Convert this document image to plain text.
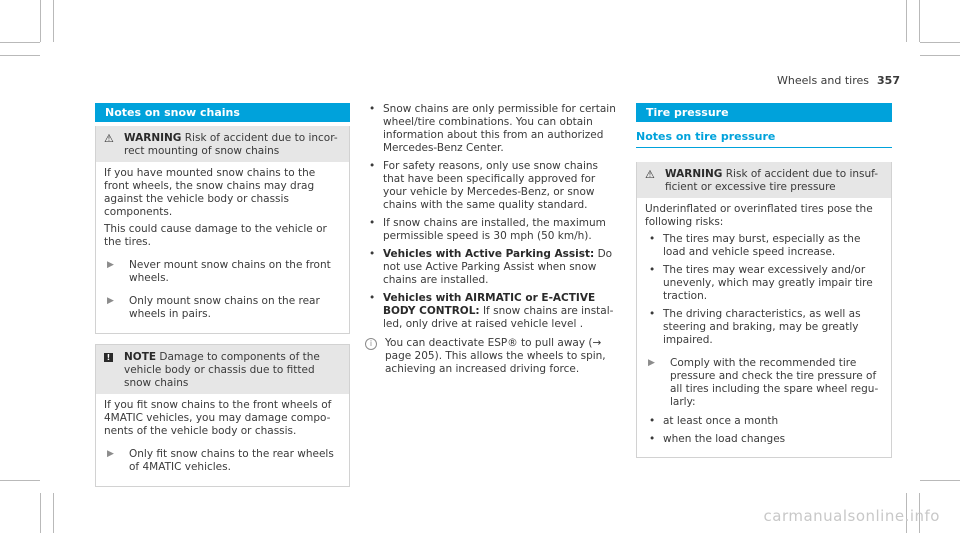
Wheels and tires 357
Notes on snow chains
⚠ WARNING Risk of accident due to incor- rect mounting of snow chains

If you have mounted snow chains to the front wheels, the snow chains may drag against the vehicle body or chassis components.

This could cause damage to the vehicle or the tires.

▶	Never mount snow chains on the front wheels.
▶	Only mount snow chains on the rear wheels in pairs.
!	NOTE Damage to components of the vehicle body or chassis due to fitted snow chains

If you fit snow chains to the front wheels of 4MATIC vehicles, you may damage compo- nents of the vehicle body or chassis.

▶	Only fit snow chains to the rear wheels of 4MATIC vehicles.
• Snow chains are only permissible for certain wheel/tire combinations. You can obtain information about this from an authorized Mercedes-Benz Center.
• For safety reasons, only use snow chains that have been specifically approved for your vehicle by Mercedes-Benz, or snow chains with the same quality standard.
• If snow chains are installed, the maximum permissible speed is 30 mph (50 km/h).
• Vehicles with Active Parking Assist: Do not use Active Parking Assist when snow chains are installed.
• Vehicles with AIRMATIC or E-ACTIVE BODY CONTROL: If snow chains are instal- led, only drive at raised vehicle level .
i	You can deactivate ESP® to pull away (→ page 205). This allows the wheels to spin, achieving an increased driving force.
Tire pressure
Notes on tire pressure
⚠ WARNING Risk of accident due to insuf- ficient or excessive tire pressure

Underinflated or overinflated tires pose the following risks:

• The tires may burst, especially as the load and vehicle speed increase.
• The tires may wear excessively and/or unevenly, which may greatly impair tire traction.
• The driving characteristics, as well as steering and braking, may be greatly impaired.
▶	Comply with the recommended tire pressure and check the tire pressure of all tires including the spare wheel regu- larly:
• at least once a month
• when the load changes
carmanualsonline.info
